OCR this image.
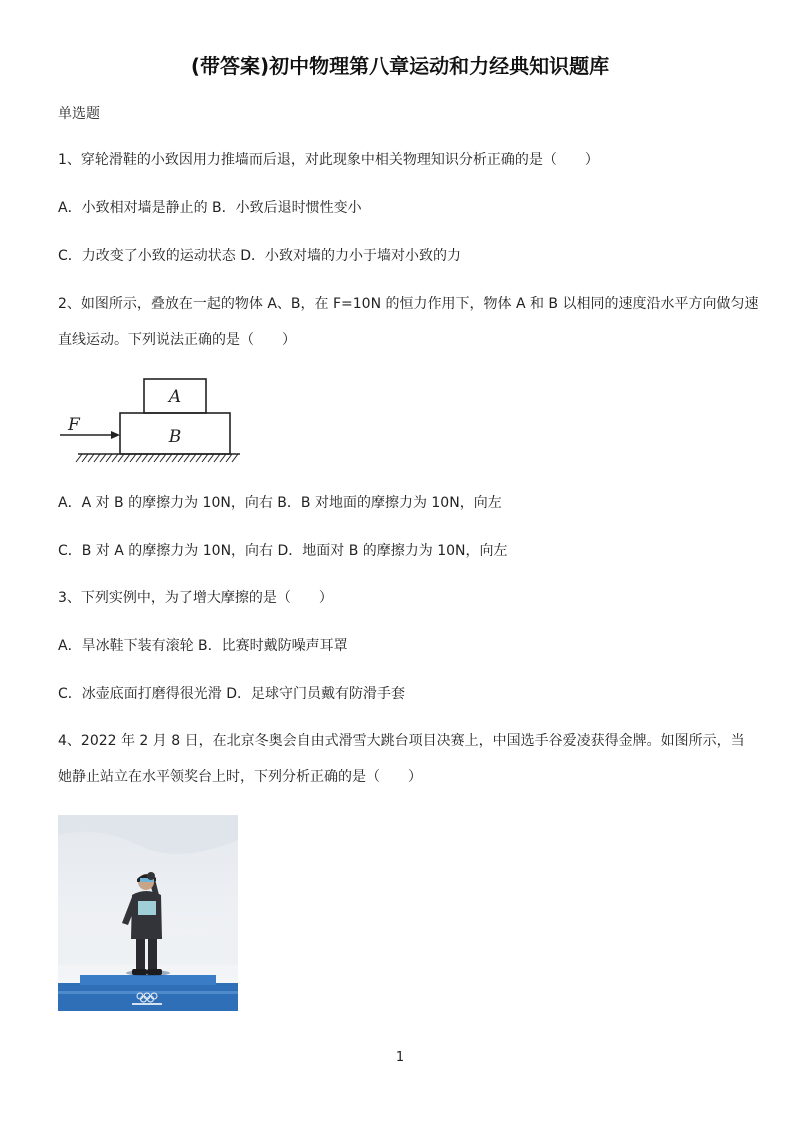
(带答案)初中物理第八章运动和力经典知识题库
单选题
1、穿轮滑鞋的小致因用力推墙而后退，对此现象中相关物理知识分析正确的是（　　）
A．小致相对墙是静止的 B．小致后退时惯性变小
C．力改变了小致的运动状态 D．小致对墙的力小于墙对小致的力
2、如图所示，叠放在一起的物体 A、B，在 F=10N 的恒力作用下，物体 A 和 B 以相同的速度沿水平方向做匀速
直线运动。下列说法正确的是（　　）
A
B
F
A．A 对 B 的摩擦力为 10N，向右 B．B 对地面的摩擦力为 10N，向左
C．B 对 A 的摩擦力为 10N，向右 D．地面对 B 的摩擦力为 10N，向左
3、下列实例中，为了增大摩擦的是（　　）
A．旱冰鞋下装有滚轮 B．比赛时戴防噪声耳罩
C．冰壶底面打磨得很光滑 D．足球守门员戴有防滑手套
4、2022 年 2 月 8 日，在北京冬奥会自由式滑雪大跳台项目决赛上，中国选手谷爱凌获得金牌。如图所示，当
她静止站立在水平领奖台上时，下列分析正确的是（　　）
1
